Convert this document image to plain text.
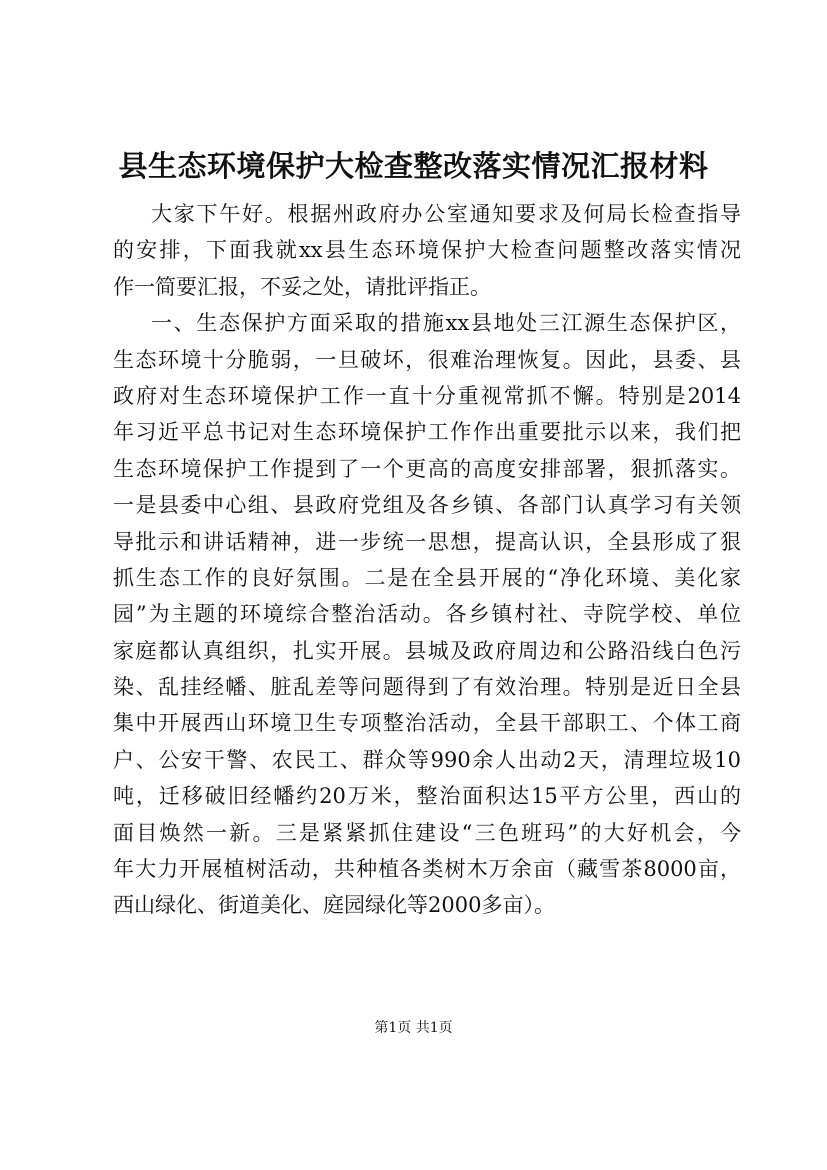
县生态环境保护大检查整改落实情况汇报材料
大家下午好。根据州政府办公室通知要求及何局长检查指导
的安排，下面我就xx县生态环境保护大检查问题整改落实情况
作一简要汇报，不妥之处，请批评指正。
一、生态保护方面采取的措施xx县地处三江源生态保护区，
生态环境十分脆弱，一旦破坏，很难治理恢复。因此，县委、县
政府对生态环境保护工作一直十分重视常抓不懈。特别是2014
年习近平总书记对生态环境保护工作作出重要批示以来，我们把
生态环境保护工作提到了一个更高的高度安排部署，狠抓落实。
一是县委中心组、县政府党组及各乡镇、各部门认真学习有关领
导批示和讲话精神，进一步统一思想，提高认识，全县形成了狠
抓生态工作的良好氛围。二是在全县开展的“净化环境、美化家
园”为主题的环境综合整治活动。各乡镇村社、寺院学校、单位
家庭都认真组织，扎实开展。县城及政府周边和公路沿线白色污
染、乱挂经幡、脏乱差等问题得到了有效治理。特别是近日全县
集中开展西山环境卫生专项整治活动，全县干部职工、个体工商
户、公安干警、农民工、群众等990余人出动2天，清理垃圾10
吨，迁移破旧经幡约20万米，整治面积达15平方公里，西山的
面目焕然一新。三是紧紧抓住建设“三色班玛”的大好机会，今
年大力开展植树活动，共种植各类树木万余亩（藏雪茶8000亩，
西山绿化、街道美化、庭园绿化等2000多亩）。
第1页 共1页
